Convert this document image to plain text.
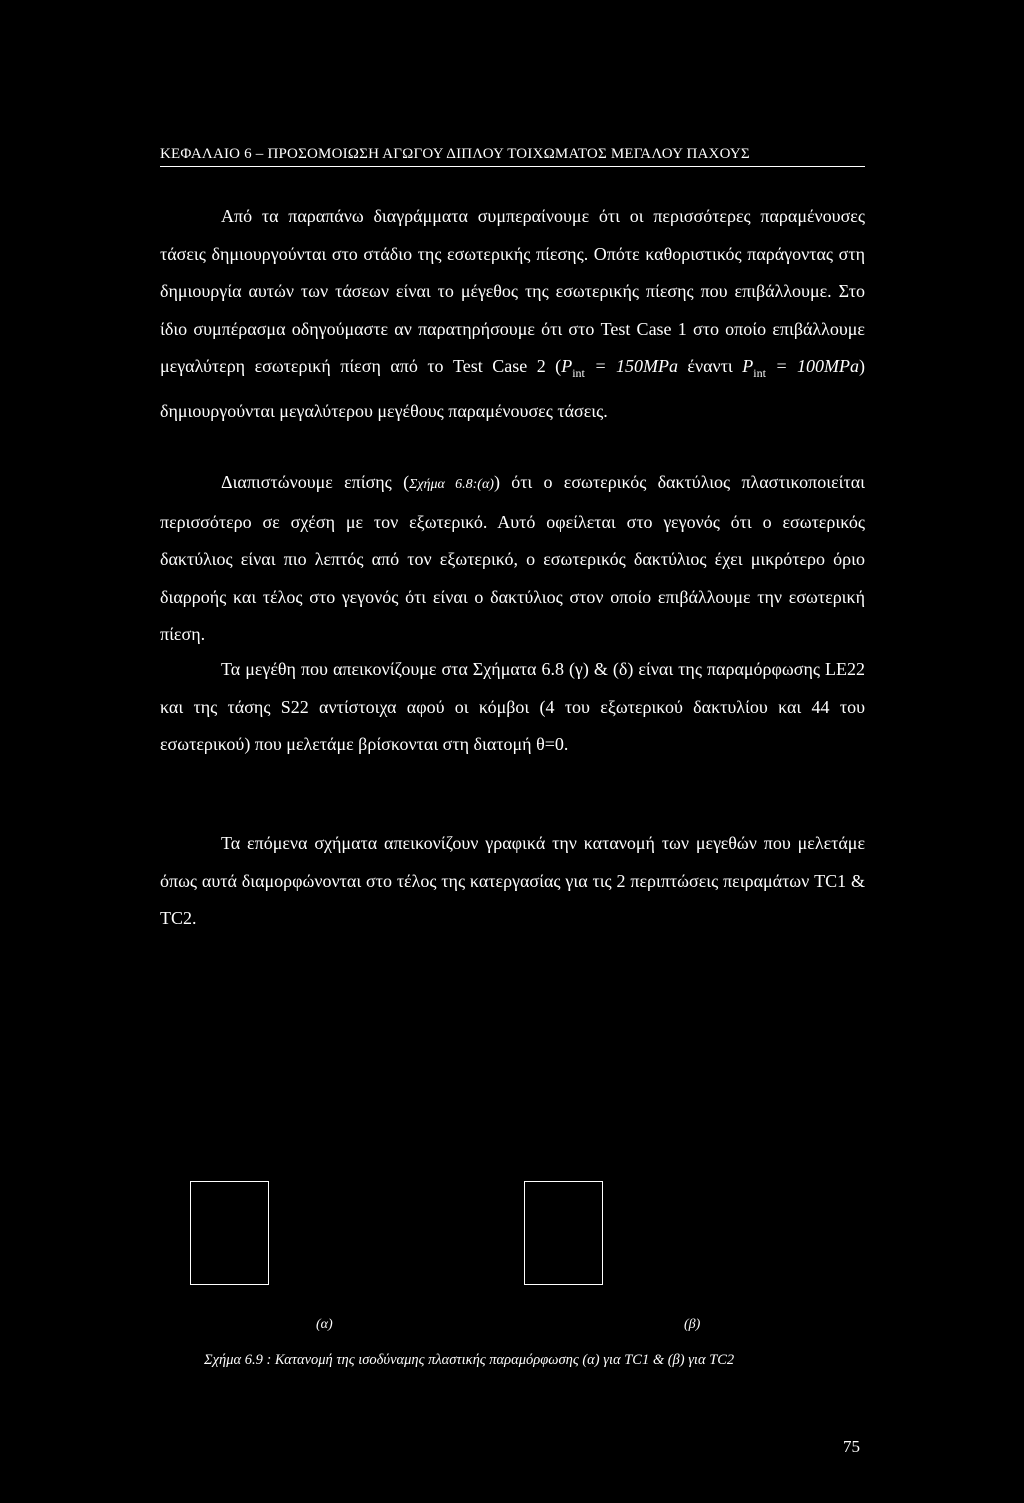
ΚΕΦΑΛΑΙΟ 6 – ΠΡΟΣΟΜΟΙΩΣΗ ΑΓΩΓΟΥ ΔΙΠΛΟΥ ΤΟΙΧΩΜΑΤΟΣ ΜΕΓΑΛΟΥ ΠΑΧΟΥΣ

Από τα παραπάνω διαγράμματα συμπεραίνουμε ότι οι περισσότερες παραμένουσες τάσεις δημιουργούνται στο στάδιο της εσωτερικής πίεσης. Οπότε καθοριστικός παράγοντας στη δημιουργία αυτών των τάσεων είναι το μέγεθος της εσωτερικής πίεσης που επιβάλλουμε. Στο ίδιο συμπέρασμα οδηγούμαστε αν παρατηρήσουμε ότι στο Test Case 1 στο οποίο επιβάλλουμε μεγαλύτερη εσωτερική πίεση από το Test Case 2 ($P_{int} = 150MPa$ έναντι $P_{int} = 100MPa$) δημιουργούνται μεγαλύτερου μεγέθους παραμένουσες τάσεις.

Διαπιστώνουμε επίσης (Σχήμα 6.8:(α)) ότι ο εσωτερικός δακτύλιος πλαστικοποιείται περισσότερο σε σχέση με τον εξωτερικό. Αυτό οφείλεται στο γεγονός ότι ο εσωτερικός δακτύλιος είναι πιο λεπτός από τον εξωτερικό, ο εσωτερικός δακτύλιος έχει μικρότερο όριο διαρροής και τέλος στο γεγονός ότι είναι ο δακτύλιος στον οποίο επιβάλλουμε την εσωτερική πίεση.

Τα μεγέθη που απεικονίζουμε στα Σχήματα 6.8 (γ) & (δ) είναι της παραμόρφωσης LE22 και της τάσης S22 αντίστοιχα αφού οι κόμβοι (4 του εξωτερικού δακτυλίου και 44 του εσωτερικού) που μελετάμε βρίσκονται στη διατομή θ=0.

Τα επόμενα σχήματα απεικονίζουν γραφικά την κατανομή των μεγεθών που μελετάμε όπως αυτά διαμορφώνονται στο τέλος της κατεργασίας για τις 2 περιπτώσεις πειραμάτων TC1 & TC2.

(α)	(β)
Σχήμα 6.9 : Κατανομή της ισοδύναμης πλαστικής παραμόρφωσης (α) για TC1 & (β) για TC2
75
